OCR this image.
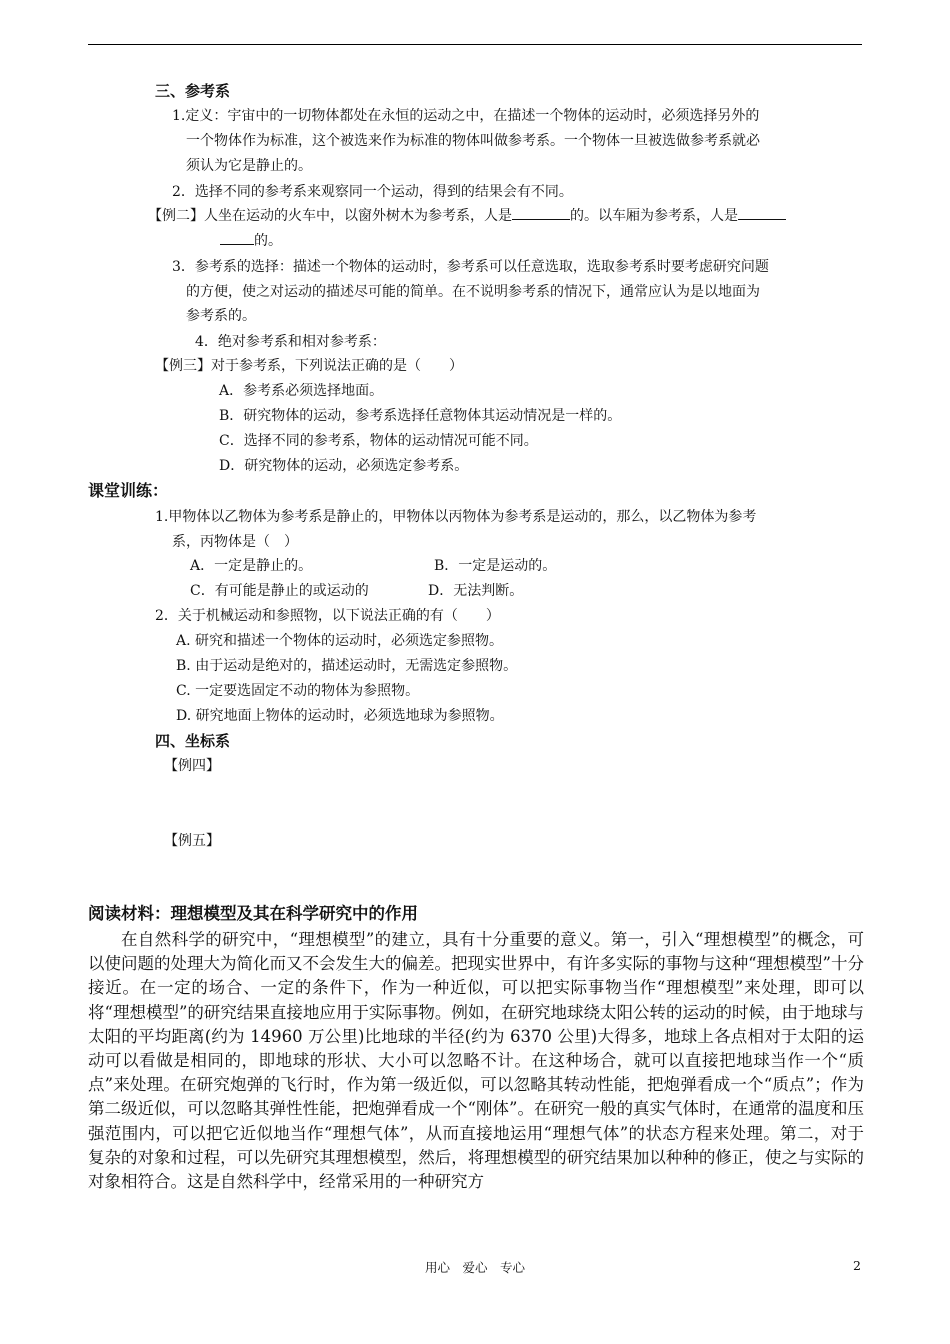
三、参考系
1.定义：宇宙中的一切物体都处在永恒的运动之中，在描述一个物体的运动时，必须选择另外的
一个物体作为标准，这个被选来作为标准的物体叫做参考系。一个物体一旦被选做参考系就必
须认为它是静止的。
2．选择不同的参考系来观察同一个运动，得到的结果会有不同。
【例二】人坐在运动的火车中，以窗外树木为参考系，人是	的。以车厢为参考系，人是
的。
3．参考系的选择：描述一个物体的运动时，参考系可以任意选取，选取参考系时要考虑研究问题
的方便，使之对运动的描述尽可能的简单。在不说明参考系的情况下，通常应认为是以地面为
参考系的。
4．绝对参考系和相对参考系：
【例三】对于参考系，下列说法正确的是（　　）
A．参考系必须选择地面。
B．研究物体的运动，参考系选择任意物体其运动情况是一样的。
C．选择不同的参考系，物体的运动情况可能不同。
D．研究物体的运动，必须选定参考系。
课堂训练：
1.甲物体以乙物体为参考系是静止的，甲物体以丙物体为参考系是运动的，那么，以乙物体为参考
系，丙物体是（　）
A．一定是静止的。	B．一定是运动的。
C．有可能是静止的或运动的	D．无法判断。
2．关于机械运动和参照物，以下说法正确的有（　　）
A. 研究和描述一个物体的运动时，必须选定参照物。
B. 由于运动是绝对的，描述运动时，无需选定参照物。
C. 一定要选固定不动的物体为参照物。
D. 研究地面上物体的运动时，必须选地球为参照物。
四、坐标系
【例四】
【例五】
阅读材料：理想模型及其在科学研究中的作用
在自然科学的研究中，“理想模型”的建立，具有十分重要的意义。第一，引入“理想模型”的概念，可以使问题的处理大为简化而又不会发生大的偏差。把现实世界中，有许多实际的事物与这种“理想模型”十分接近。在一定的场合、一定的条件下，作为一种近似，可以把实际事物当作“理想模型”来处理，即可以将“理想模型”的研究结果直接地应用于实际事物。例如，在研究地球绕太阳公转的运动的时候，由于地球与太阳的平均距离(约为 14960 万公里)比地球的半径(约为 6370 公里)大得多，地球上各点相对于太阳的运动可以看做是相同的，即地球的形状、大小可以忽略不计。在这种场合，就可以直接把地球当作一个“质点”来处理。在研究炮弹的飞行时，作为第一级近似，可以忽略其转动性能，把炮弹看成一个“质点”；作为第二级近似，可以忽略其弹性性能，把炮弹看成一个“刚体”。在研究一般的真实气体时，在通常的温度和压强范围内，可以把它近似地当作“理想气体”，从而直接地运用“理想气体”的状态方程来处理。第二，对于复杂的对象和过程，可以先研究其理想模型，然后，将理想模型的研究结果加以种种的修正，使之与实际的对象相符合。这是自然科学中，经常采用的一种研究方
用心　爱心　专心	2
